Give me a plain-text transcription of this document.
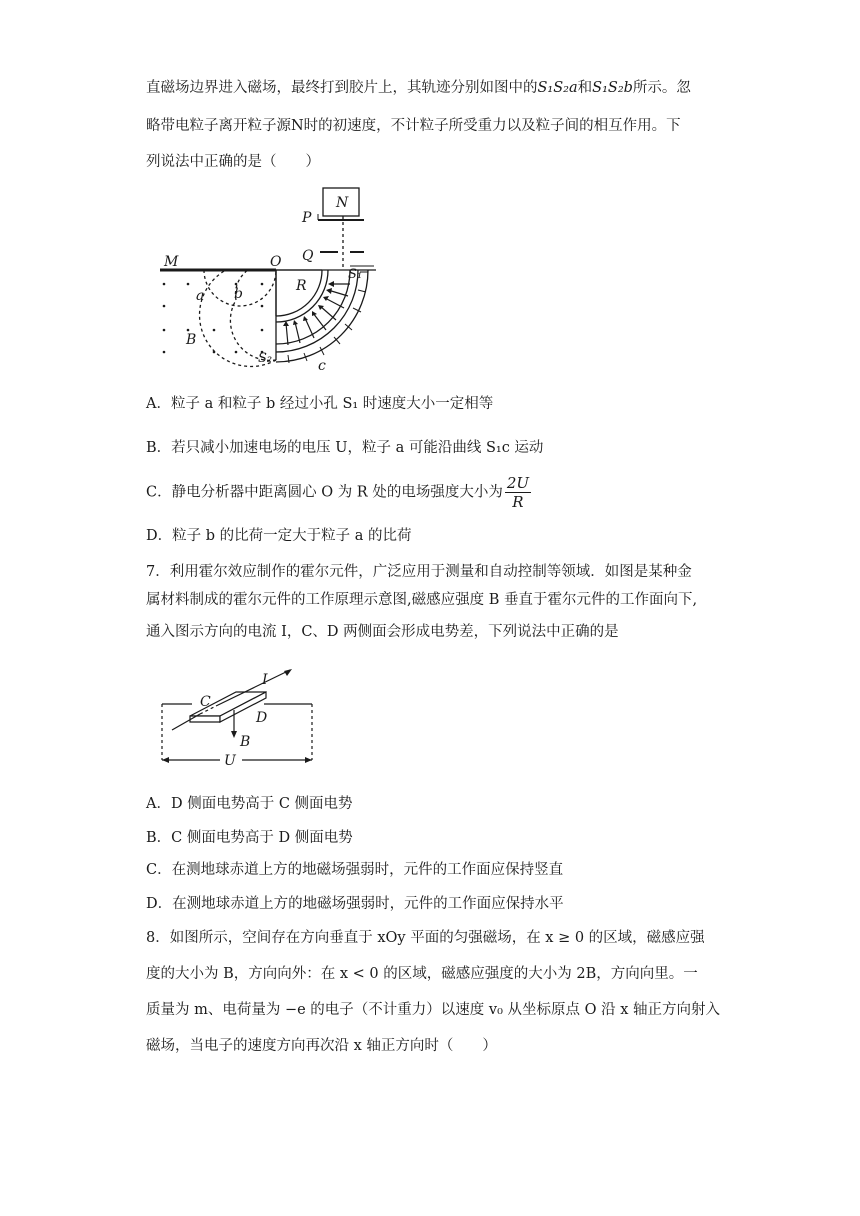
直磁场边界进入磁场，最终打到胶片上，其轨迹分别如图中的S₁S₂a和S₁S₂b所示。忽
略带电粒子离开粒子源N时的初速度，不计粒子所受重力以及粒子间的相互作用。下
列说法中正确的是（　　）
N
P
Q
S₁
M	O
R
a b
B
S₂	c
A．粒子 a 和粒子 b 经过小孔 S₁ 时速度大小一定相等
B．若只减小加速电场的电压 U，粒子 a 可能沿曲线 S₁c 运动
C．静电分析器中距离圆心 O 为 R 处的电场强度大小为 $\frac{2U}{R}$
D．粒子 b 的比荷一定大于粒子 a 的比荷
7．利用霍尔效应制作的霍尔元件，广泛应用于测量和自动控制等领域．如图是某种金
属材料制成的霍尔元件的工作原理示意图,磁感应强度 B 垂直于霍尔元件的工作面向下,
通入图示方向的电流 I，C、D 两侧面会形成电势差，下列说法中正确的是
C
I
D
B
U
A．D 侧面电势高于 C 侧面电势
B．C 侧面电势高于 D 侧面电势
C．在测地球赤道上方的地磁场强弱时，元件的工作面应保持竖直
D．在测地球赤道上方的地磁场强弱时，元件的工作面应保持水平
8．如图所示，空间存在方向垂直于 xOy 平面的匀强磁场，在 x ≥ 0 的区域，磁感应强
度的大小为 B，方向向外：在 x < 0 的区域，磁感应强度的大小为 2B，方向向里。一
质量为 m、电荷量为 −e 的电子（不计重力）以速度 v₀ 从坐标原点 O 沿 x 轴正方向射入
磁场，当电子的速度方向再次沿 x 轴正方向时（　　）
